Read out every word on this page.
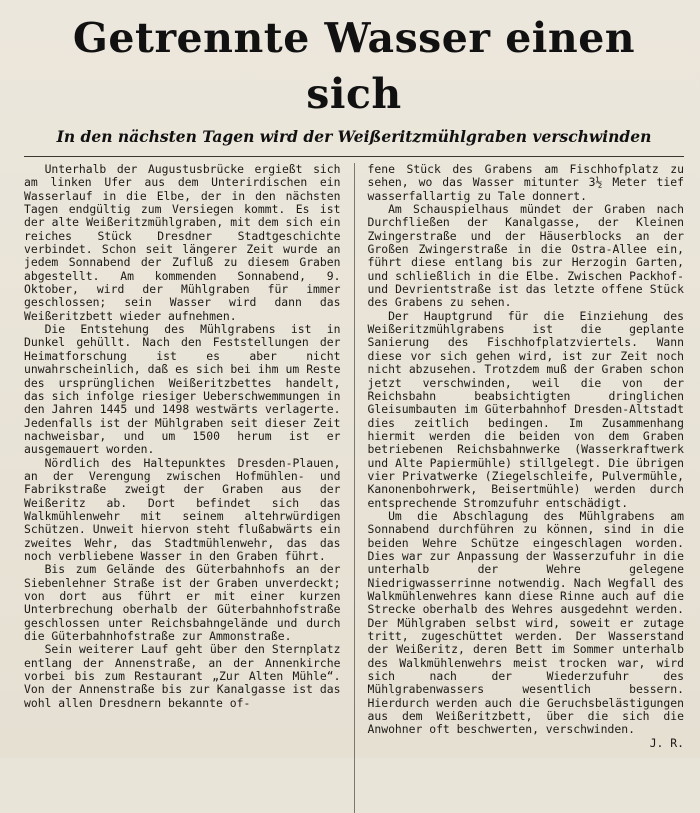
Getrennte Wasser einen sich
In den nächsten Tagen wird der Weißeritzmühlgraben verschwinden

Unterhalb der Augustusbrücke ergießt sich am linken Ufer aus dem Unterirdischen ein Wasserlauf in die Elbe, der in den nächsten Tagen endgültig zum Versiegen kommt. Es ist der alte Weißeritzmühlgraben, mit dem sich ein reiches Stück Dresdner Stadtgeschichte verbindet. Schon seit längerer Zeit wurde an jedem Sonnabend der Zufluß zu diesem Graben abgestellt. Am kommenden Sonnabend, 9. Oktober, wird der Mühlgraben für immer geschlossen; sein Wasser wird dann das Weißeritzbett wieder aufnehmen.

Die Entstehung des Mühlgrabens ist in Dunkel gehüllt. Nach den Feststellungen der Heimatforschung ist es aber nicht unwahrscheinlich, daß es sich bei ihm um Reste des ursprünglichen Weißeritzbettes handelt, das sich infolge riesiger Ueberschwemmungen in den Jahren 1445 und 1498 westwärts verlagerte. Jedenfalls ist der Mühlgraben seit dieser Zeit nachweisbar, und um 1500 herum ist er ausgemauert worden.

Nördlich des Haltepunktes Dresden-Plauen, an der Verengung zwischen Hofmühlen- und Fabrikstraße zweigt der Graben aus der Weißeritz ab. Dort befindet sich das Walkmühlenwehr mit seinem altehrwürdigen Schützen. Unweit hiervon steht flußabwärts ein zweites Wehr, das Stadtmühlenwehr, das das noch verbliebene Wasser in den Graben führt.

Bis zum Gelände des Güterbahnhofs an der Siebenlehner Straße ist der Graben unverdeckt; von dort aus führt er mit einer kurzen Unterbrechung oberhalb der Güterbahnhofstraße geschlossen unter Reichsbahngelände und durch die Güterbahnhofstraße zur Ammonstraße.

Sein weiterer Lauf geht über den Sternplatz entlang der Annenstraße, an der Annenkirche vorbei bis zum Restaurant „Zur Alten Mühle“. Von der Annenstraße bis zur Kanalgasse ist das wohl allen Dresdnern bekannte of-

fene Stück des Grabens am Fischhofplatz zu sehen, wo das Wasser mitunter 3½ Meter tief wasserfallartig zu Tale donnert.

Am Schauspielhaus mündet der Graben nach Durchfließen der Kanalgasse, der Kleinen Zwingerstraße und der Häuserblocks an der Großen Zwingerstraße in die Ostra-Allee ein, führt diese entlang bis zur Herzogin Garten, und schließlich in die Elbe. Zwischen Packhof- und Devrientstraße ist das letzte offene Stück des Grabens zu sehen.

Der Hauptgrund für die Einziehung des Weißeritzmühlgrabens ist die geplante Sanierung des Fischhofplatzviertels. Wann diese vor sich gehen wird, ist zur Zeit noch nicht abzusehen. Trotzdem muß der Graben schon jetzt verschwinden, weil die von der Reichsbahn beabsichtigten dringlichen Gleisumbauten im Güterbahnhof Dresden-Altstadt dies zeitlich bedingen. Im Zusammenhang hiermit werden die beiden von dem Graben betriebenen Reichsbahnwerke (Wasserkraftwerk und Alte Papiermühle) stillgelegt. Die übrigen vier Privatwerke (Ziegelschleife, Pulvermühle, Kanonenbohrwerk, Beisertmühle) werden durch entsprechende Stromzufuhr entschädigt.

Um die Abschlagung des Mühlgrabens am Sonnabend durchführen zu können, sind in die beiden Wehre Schütze eingeschlagen worden. Dies war zur Anpassung der Wasserzufuhr in die unterhalb der Wehre gelegene Niedrigwasserrinne notwendig. Nach Wegfall des Walkmühlenwehres kann diese Rinne auch auf die Strecke oberhalb des Wehres ausgedehnt werden. Der Mühlgraben selbst wird, soweit er zutage tritt, zugeschüttet werden. Der Wasserstand der Weißeritz, deren Bett im Sommer unterhalb des Walkmühlenwehrs meist trocken war, wird sich nach der Wiederzufuhr des Mühlgrabenwassers wesentlich bessern. Hierdurch werden auch die Geruchsbelästigungen aus dem Weißeritzbett, über die sich die Anwohner oft beschwerten, verschwinden.
J. R.
